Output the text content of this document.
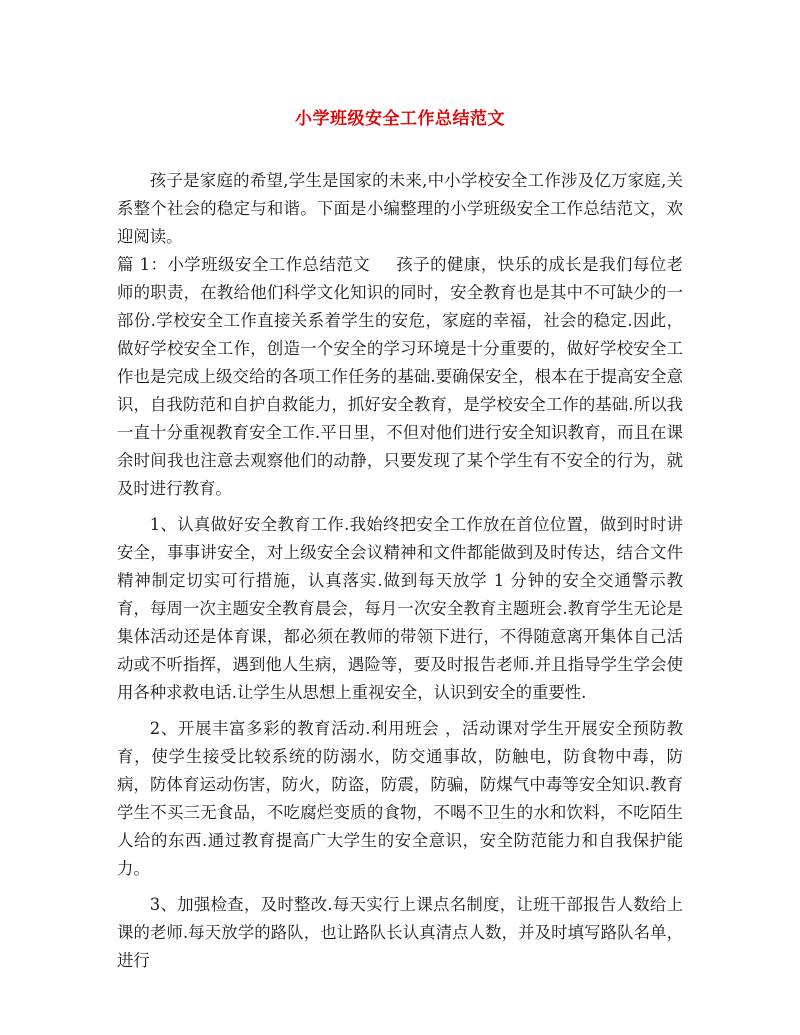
小学班级安全工作总结范文

孩子是家庭的希望,学生是国家的未来,中小学校安全工作涉及亿万家庭,关系整个社会的稳定与和谐。下面是小编整理的小学班级安全工作总结范文，欢迎阅读。

篇 1：小学班级安全工作总结范文 孩子的健康，快乐的成长是我们每位老师的职责，在教给他们科学文化知识的同时，安全教育也是其中不可缺少的一部份.学校安全工作直接关系着学生的安危，家庭的幸福，社会的稳定.因此，做好学校安全工作，创造一个安全的学习环境是十分重要的，做好学校安全工作也是完成上级交给的各项工作任务的基础.要确保安全，根本在于提高安全意识，自我防范和自护自救能力，抓好安全教育，是学校安全工作的基础.所以我一直十分重视教育安全工作.平日里，不但对他们进行安全知识教育，而且在课余时间我也注意去观察他们的动静，只要发现了某个学生有不安全的行为，就及时进行教育。

1、认真做好安全教育工作.我始终把安全工作放在首位位置，做到时时讲安全，事事讲安全，对上级安全会议精神和文件都能做到及时传达，结合文件精神制定切实可行措施，认真落实.做到每天放学 1 分钟的安全交通警示教育，每周一次主题安全教育晨会，每月一次安全教育主题班会.教育学生无论是集体活动还是体育课，都必须在教师的带领下进行，不得随意离开集体自己活动或不听指挥，遇到他人生病，遇险等，要及时报告老师.并且指导学生学会使用各种求救电话.让学生从思想上重视安全，认识到安全的重要性.

2、开展丰富多彩的教育活动.利用班会 ，活动课对学生开展安全预防教育，使学生接受比较系统的防溺水，防交通事故，防触电，防食物中毒，防病，防体育运动伤害，防火，防盗，防震，防骗，防煤气中毒等安全知识.教育学生不买三无食品，不吃腐烂变质的食物，不喝不卫生的水和饮料，不吃陌生人给的东西.通过教育提高广大学生的安全意识，安全防范能力和自我保护能力。

3、加强检查，及时整改.每天实行上课点名制度，让班干部报告人数给上课的老师.每天放学的路队，也让路队长认真清点人数，并及时填写路队名单，进行
